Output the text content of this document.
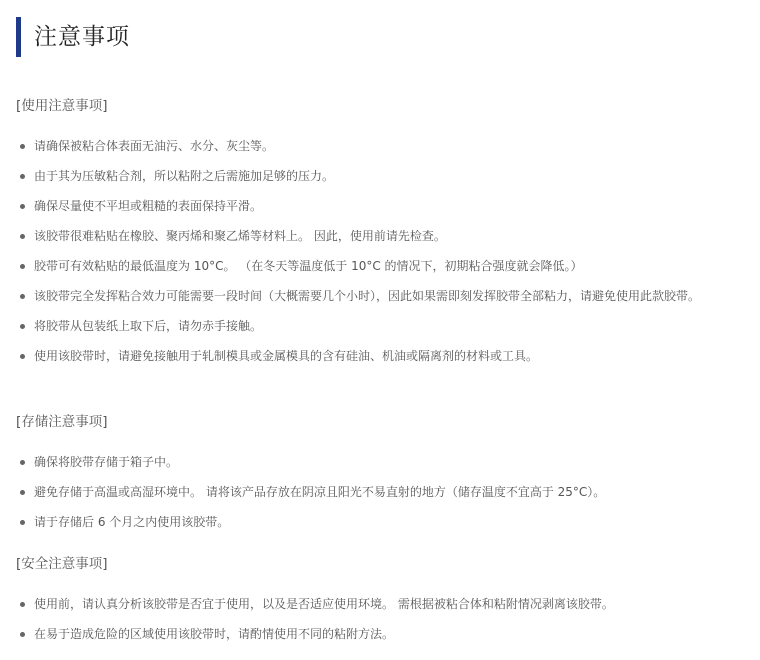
注意事项
[使用注意事项]
请确保被粘合体表面无油污、水分、灰尘等。
由于其为压敏粘合剂，所以粘附之后需施加足够的压力。
确保尽量使不平坦或粗糙的表面保持平滑。
该胶带很难粘贴在橡胶、聚丙烯和聚乙烯等材料上。 因此，使用前请先检查。
胶带可有效粘贴的最低温度为 10°C。 （在冬天等温度低于 10°C 的情况下，初期粘合强度就会降低。）
该胶带完全发挥粘合效力可能需要一段时间（大概需要几个小时），因此如果需即刻发挥胶带全部粘力，请避免使用此款胶带。
将胶带从包装纸上取下后，请勿赤手接触。
使用该胶带时，请避免接触用于轧制模具或金属模具的含有硅油、机油或隔离剂的材料或工具。
[存储注意事项]
确保将胶带存储于箱子中。
避免存储于高温或高湿环境中。 请将该产品存放在阴凉且阳光不易直射的地方（储存温度不宜高于 25°C）。
请于存储后 6 个月之内使用该胶带。
[安全注意事项]
使用前，请认真分析该胶带是否宜于使用，以及是否适应使用环境。 需根据被粘合体和粘附情况剥离该胶带。
在易于造成危险的区域使用该胶带时，请酌情使用不同的粘附方法。
